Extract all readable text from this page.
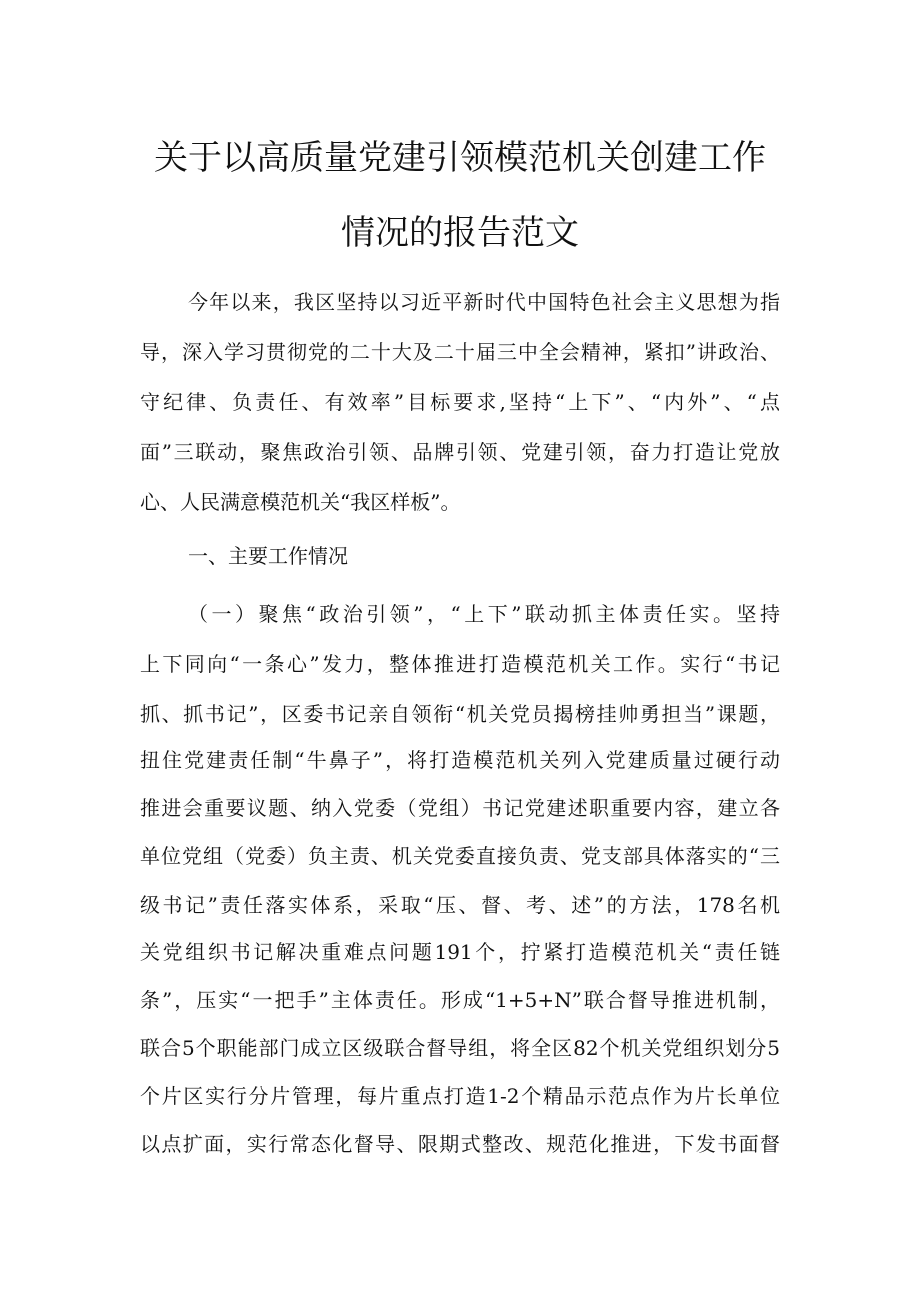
关于以高质量党建引领模范机关创建工作
情况的报告范文
今年以来，我区坚持以习近平新时代中国特色社会主义思想为指
导，深入学习贯彻党的二十大及二十届三中全会精神，紧扣”讲政治、
守纪律、负责任、有效率”目标要求,坚持“上下”、“内外”、“点
面”三联动，聚焦政治引领、品牌引领、党建引领，奋力打造让党放
心、人民满意模范机关“我区样板”。
一、主要工作情况
（一）聚焦“政治引领”，“上下”联动抓主体责任实。坚持
上下同向“一条心”发力，整体推进打造模范机关工作。实行“书记
抓、抓书记”，区委书记亲自领衔“机关党员揭榜挂帅勇担当”课题，
扭住党建责任制“牛鼻子”，将打造模范机关列入党建质量过硬行动
推进会重要议题、纳入党委（党组）书记党建述职重要内容，建立各
单位党组（党委）负主责、机关党委直接负责、党支部具体落实的“三
级书记”责任落实体系，采取“压、督、考、述”的方法，178名机
关党组织书记解决重难点问题191个，拧紧打造模范机关“责任链
条”，压实“一把手”主体责任。形成“1+5+N”联合督导推进机制，
联合5个职能部门成立区级联合督导组，将全区82个机关党组织划分5
个片区实行分片管理，每片重点打造1-2个精品示范点作为片长单位
以点扩面，实行常态化督导、限期式整改、规范化推进，下发书面督
